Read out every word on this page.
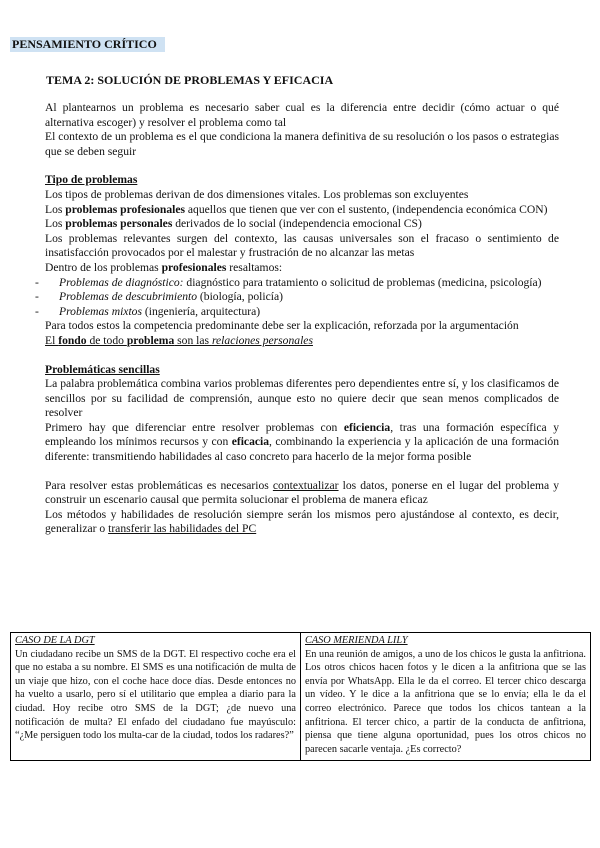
PENSAMIENTO CRÍTICO
TEMA 2: SOLUCIÓN DE PROBLEMAS Y EFICACIA

Al plantearnos un problema es necesario saber cual es la diferencia entre decidir (cómo actuar o qué alternativa escoger) y resolver el problema como tal

El contexto de un problema es el que condiciona la manera definitiva de su resolución o los pasos o estrategias que se deben seguir

Tipo de problemas

Los tipos de problemas derivan de dos dimensiones vitales. Los problemas son excluyentes

Los problemas profesionales aquellos que tienen que ver con el sustento, (independencia económica CON)

Los problemas personales derivados de lo social (independencia emocional CS)

Los problemas relevantes surgen del contexto, las causas universales son el fracaso o sentimiento de insatisfacción provocados por el malestar y frustración de no alcanzar las metas

Dentro de los problemas profesionales resaltamos:

- Problemas de diagnóstico: diagnóstico para tratamiento o solicitud de problemas (medicina, psicología)
- Problemas de descubrimiento (biología, policía)
- Problemas mixtos (ingeniería, arquitectura)

Para todos estos la competencia predominante debe ser la explicación, reforzada por la argumentación

El fondo de todo problema son las relaciones personales

Problemáticas sencillas

La palabra problemática combina varios problemas diferentes pero dependientes entre sí, y los clasificamos de sencillos por su facilidad de comprensión, aunque esto no quiere decir que sean menos complicados de resolver

Primero hay que diferenciar entre resolver problemas con eficiencia, tras una formación específica y empleando los mínimos recursos y con eficacia, combinando la experiencia y la aplicación de una formación diferente: transmitiendo habilidades al caso concreto para hacerlo de la mejor forma posible

Para resolver estas problemáticas es necesarios contextualizar los datos, ponerse en el lugar del problema y construir un escenario causal que permita solucionar el problema de manera eficaz

Los métodos y habilidades de resolución siempre serán los mismos pero ajustándose al contexto, es decir, generalizar o transferir las habilidades del PC

CASO DE LA DGT
Un ciudadano recibe un SMS de la DGT. El respectivo coche era el que no estaba a su nombre. El SMS es una notificación de multa de un viaje que hizo, con el coche hace doce días. Desde entonces no ha vuelto a usarlo, pero sí el utilitario que emplea a diario para la ciudad. Hoy recibe otro SMS de la DGT; ¿de nuevo una notificación de multa? El enfado del ciudadano fue mayúsculo: “¿Me persiguen todo los multa-car de la ciudad, todos los radares?”

CASO MERIENDA LILY
En una reunión de amigos, a uno de los chicos le gusta la anfitriona. Los otros chicos hacen fotos y le dicen a la anfitriona que se las envía por WhatsApp. Ella le da el correo. El tercer chico descarga un vídeo. Y le dice a la anfitriona que se lo envía; ella le da el correo electrónico. Parece que todos los chicos tantean a la anfitriona. El tercer chico, a partir de la conducta de anfitriona, piensa que tiene alguna oportunidad, pues los otros chicos no parecen sacarle ventaja. ¿Es correcto?
